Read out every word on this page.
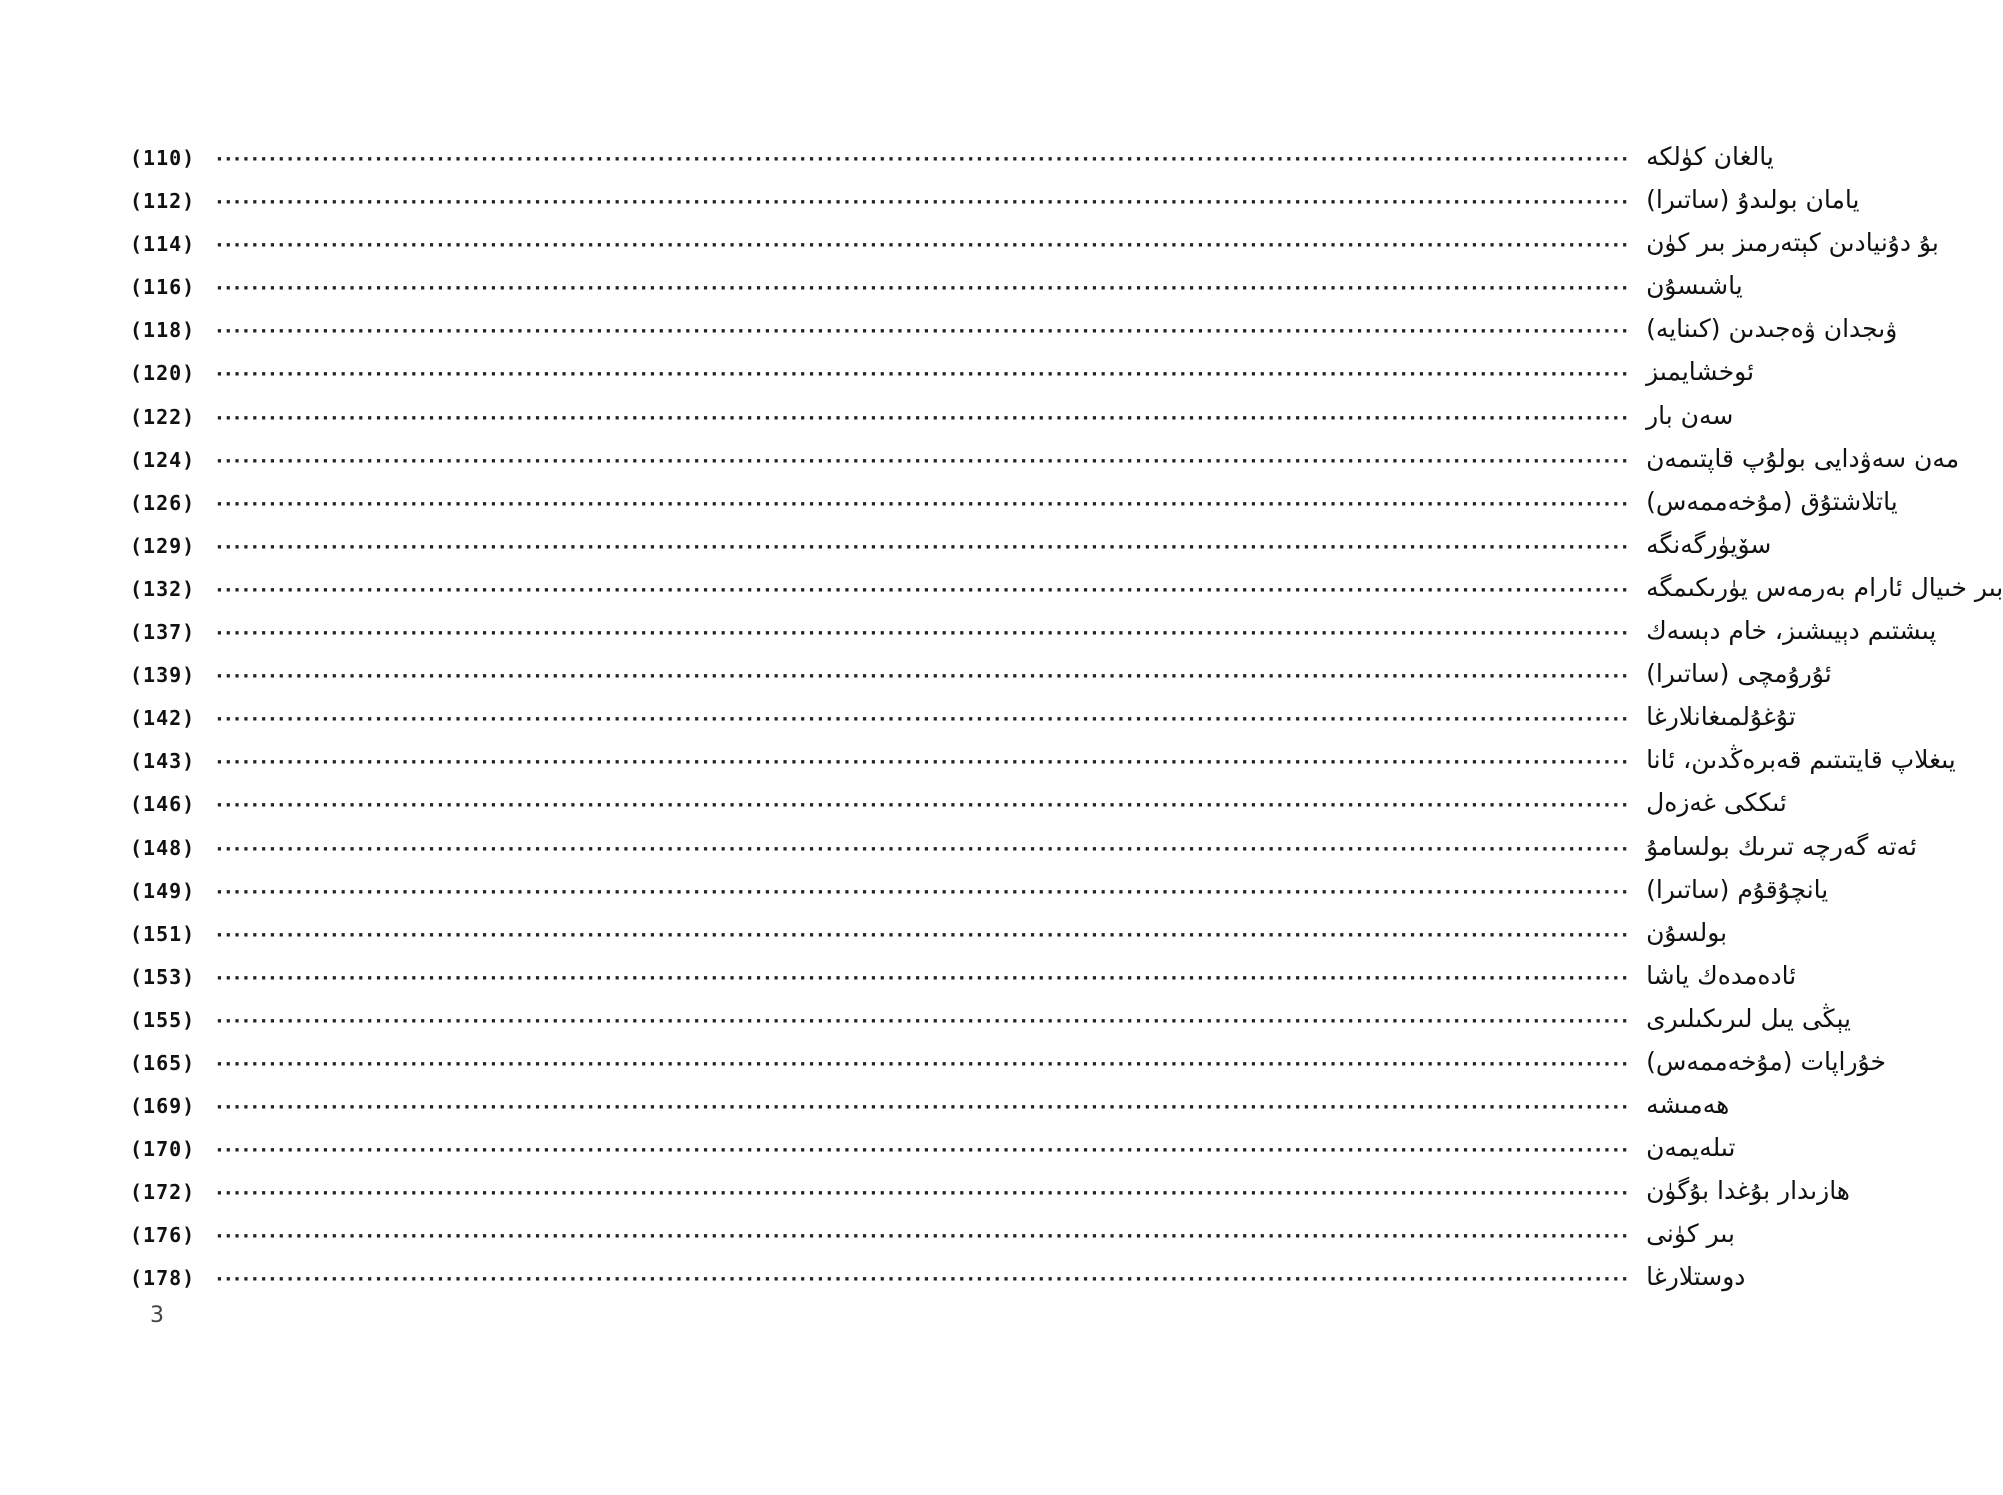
(110)	································································································································································ يالغان كۈلكە
(112)	································································································································································ يامان بولىدۇ (ساتىرا)
(114)	································································································································································ بۇ دۇنيادىن كېتەرمىز بىر كۈن
(116)	································································································································································ ياشىسۇن
(118)	································································································································································ ۋىجدان ۋەجىدىن (كىنايە)
(120)	································································································································································ ئوخشايمىز
(122)	································································································································································ سەن بار
(124)	································································································································································ مەن سەۋدايى بولۇپ قاپتىمەن
(126)	································································································································································ ياتلاشتۇق (مۇخەممەس)
(129)	································································································································································ سۆيۈرگەنگە
(132)	································································································································································ بىر خىيال ئارام بەرمەس يۈرىكىمگە
(137)	································································································································································ پىشتىم دېيىشىز، خام دېسەك
(139)	································································································································································ ئۇرۇمچى (ساتىرا)
(142)	································································································································································ تۇغۇلمىغانلارغا
(143)	································································································································································ يىغلاپ قايتىتىم قەبرەڭدىن، ئانا
(146)	································································································································································ ئىككى غەزەل
(148)	································································································································································ ئەتە گەرچە تىرىك بولسامۇ
(149)	································································································································································ يانچۇقۇم (ساتىرا)
(151)	································································································································································ بولسۇن
(153)	································································································································································ ئادەمدەك ياشا
(155)	································································································································································ يېڭى يىل لىرىكىلىرى
(165)	································································································································································ خۇراپات (مۇخەممەس)
(169)	································································································································································ ھەمىشە
(170)	································································································································································ تىلەيمەن
(172)	································································································································································ ھازىدار بۇغدا بۇگۈن
(176)	································································································································································ بىر كۈنى
(178)	································································································································································ دوستلارغا
3
